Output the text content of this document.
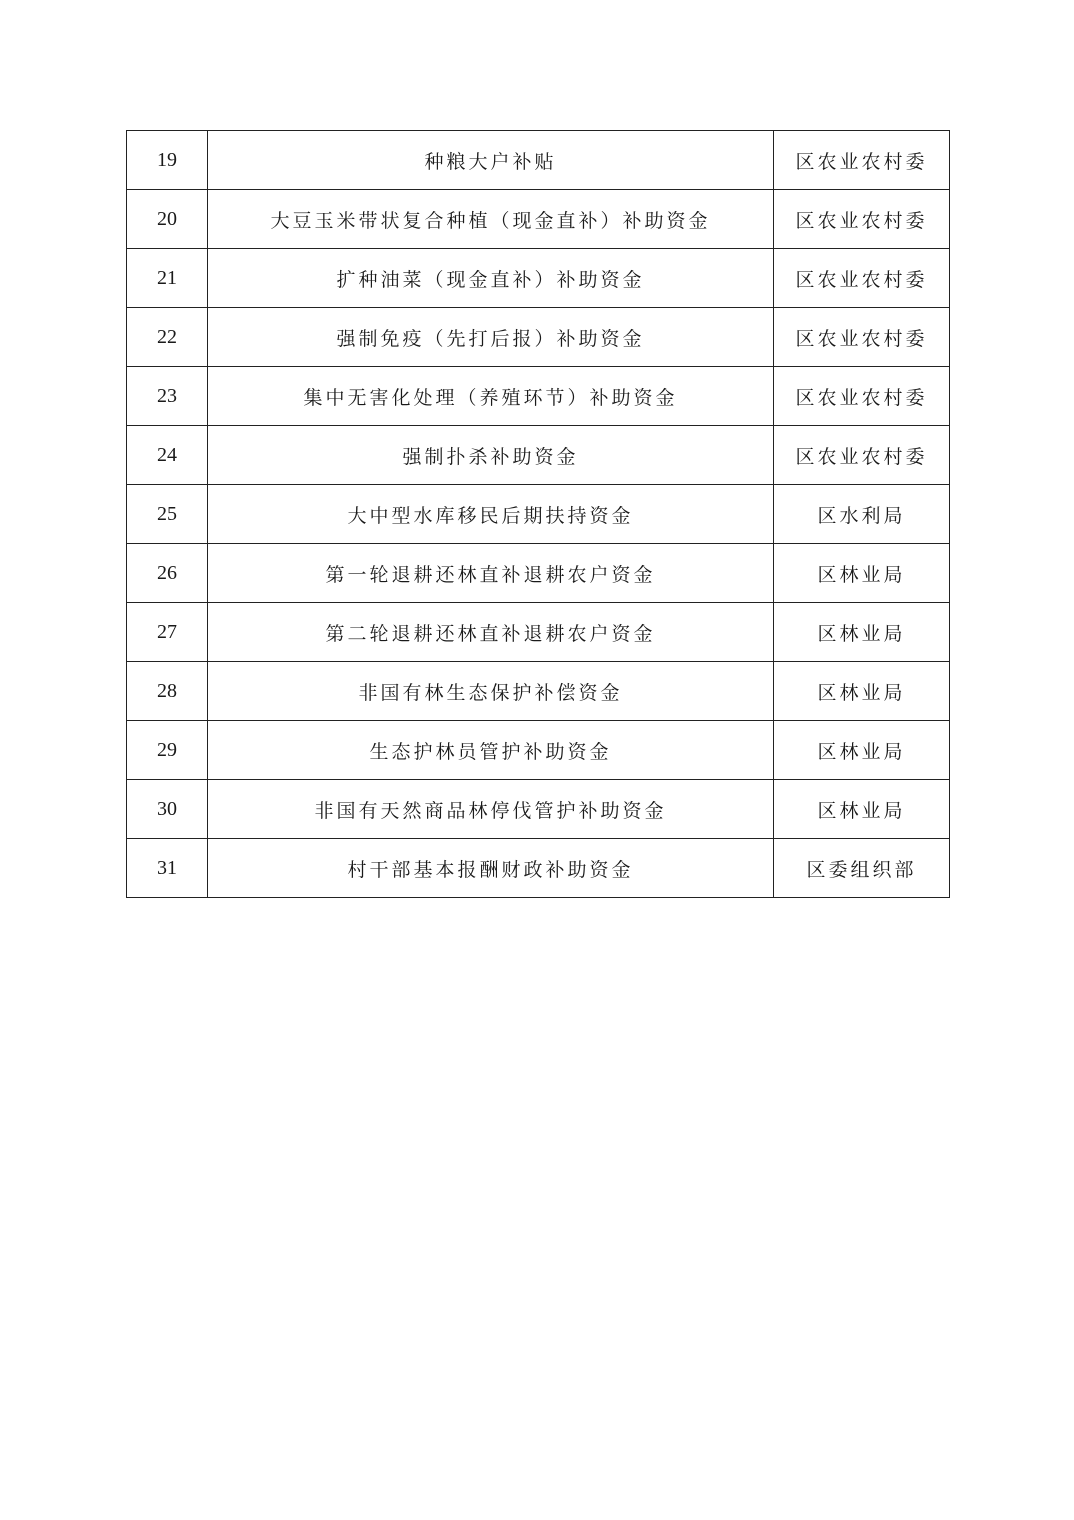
19	种粮大户补贴	区农业农村委
20	大豆玉米带状复合种植（现金直补）补助资金	区农业农村委
21	扩种油菜（现金直补）补助资金	区农业农村委
22	强制免疫（先打后报）补助资金	区农业农村委
23	集中无害化处理（养殖环节）补助资金	区农业农村委
24	强制扑杀补助资金	区农业农村委
25	大中型水库移民后期扶持资金	区水利局
26	第一轮退耕还林直补退耕农户资金	区林业局
27	第二轮退耕还林直补退耕农户资金	区林业局
28	非国有林生态保护补偿资金	区林业局
29	生态护林员管护补助资金	区林业局
30	非国有天然商品林停伐管护补助资金	区林业局
31	村干部基本报酬财政补助资金	区委组织部
